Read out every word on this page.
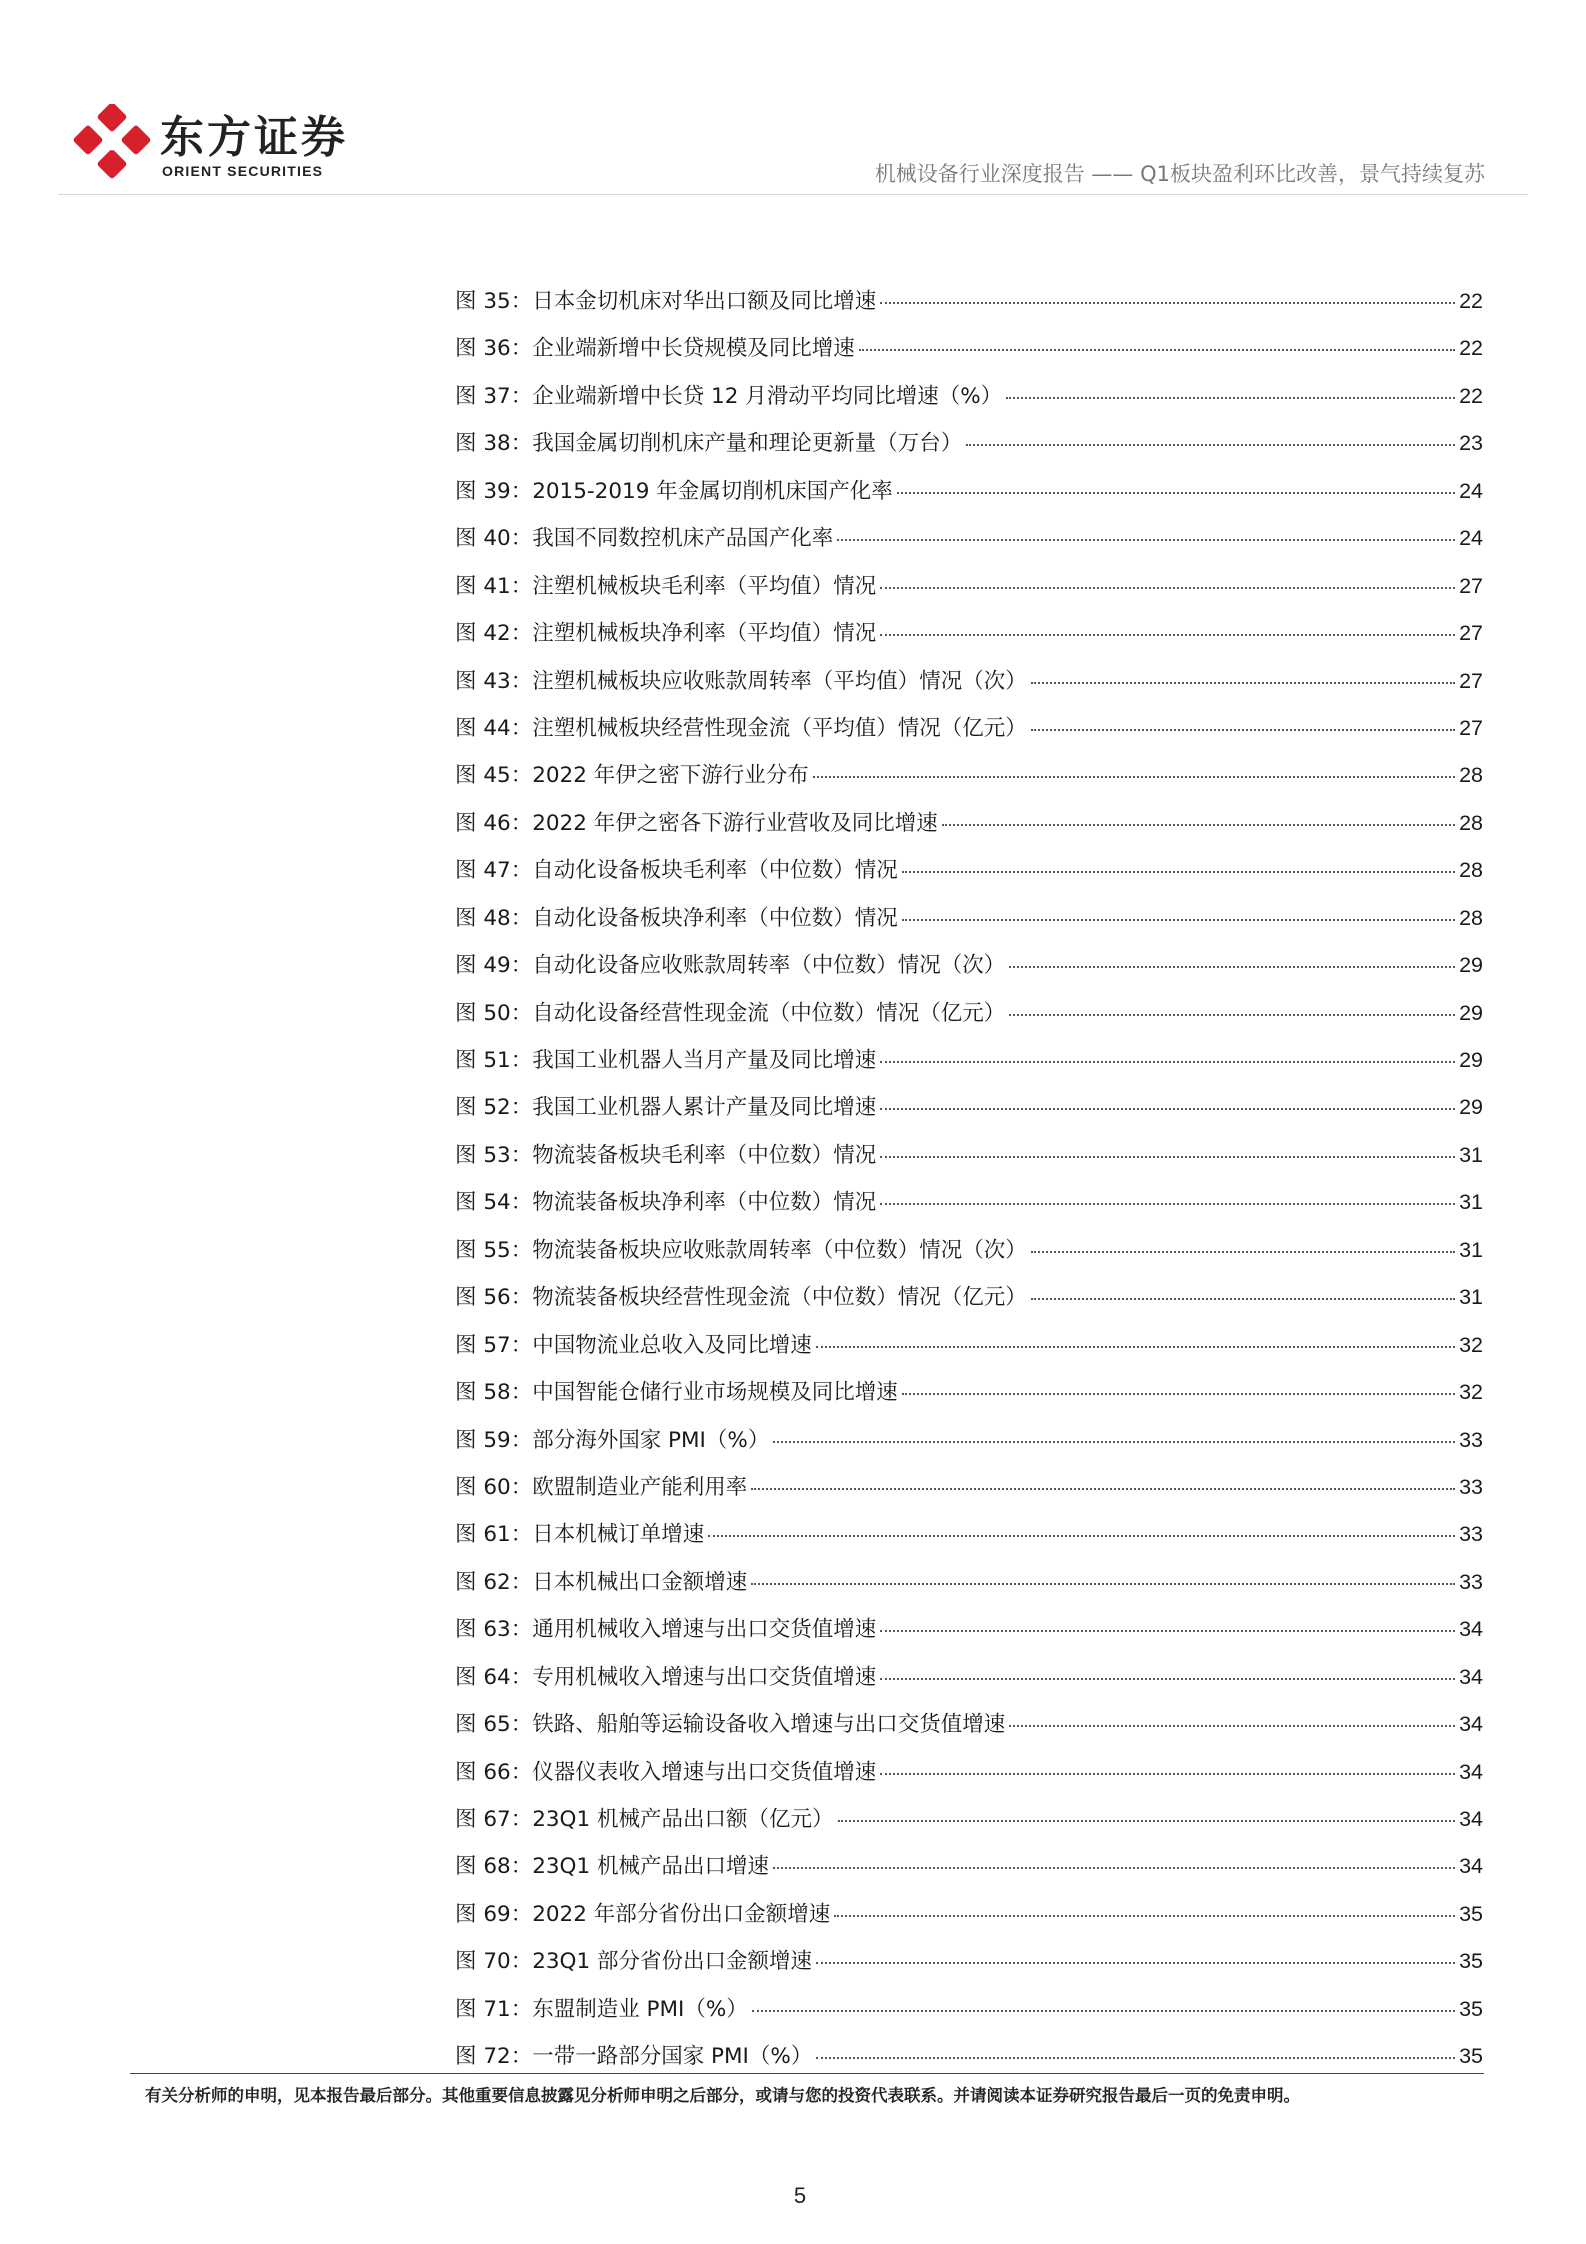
东方证券
ORIENT SECURITIES	机械设备行业深度报告 —— Q1板块盈利环比改善，景气持续复苏
图 35：日本金切机床对华出口额及同比增速	22
图 36：企业端新增中长贷规模及同比增速	22
图 37：企业端新增中长贷 12 月滑动平均同比增速（%）	22
图 38：我国金属切削机床产量和理论更新量（万台）	23
图 39：2015-2019 年金属切削机床国产化率	24
图 40：我国不同数控机床产品国产化率	24
图 41：注塑机械板块毛利率（平均值）情况	27
图 42：注塑机械板块净利率（平均值）情况	27
图 43：注塑机械板块应收账款周转率（平均值）情况（次）	27
图 44：注塑机械板块经营性现金流（平均值）情况（亿元）	27
图 45：2022 年伊之密下游行业分布	28
图 46：2022 年伊之密各下游行业营收及同比增速	28
图 47：自动化设备板块毛利率（中位数）情况	28
图 48：自动化设备板块净利率（中位数）情况	28
图 49：自动化设备应收账款周转率（中位数）情况（次）	29
图 50：自动化设备经营性现金流（中位数）情况（亿元）	29
图 51：我国工业机器人当月产量及同比增速	29
图 52：我国工业机器人累计产量及同比增速	29
图 53：物流装备板块毛利率（中位数）情况	31
图 54：物流装备板块净利率（中位数）情况	31
图 55：物流装备板块应收账款周转率（中位数）情况（次）	31
图 56：物流装备板块经营性现金流（中位数）情况（亿元）	31
图 57：中国物流业总收入及同比增速	32
图 58：中国智能仓储行业市场规模及同比增速	32
图 59：部分海外国家 PMI（%）	33
图 60：欧盟制造业产能利用率	33
图 61：日本机械订单增速	33
图 62：日本机械出口金额增速	33
图 63：通用机械收入增速与出口交货值增速	34
图 64：专用机械收入增速与出口交货值增速	34
图 65：铁路、船舶等运输设备收入增速与出口交货值增速	34
图 66：仪器仪表收入增速与出口交货值增速	34
图 67：23Q1 机械产品出口额（亿元）	34
图 68：23Q1 机械产品出口增速	34
图 69：2022 年部分省份出口金额增速	35
图 70：23Q1 部分省份出口金额增速	35
图 71：东盟制造业 PMI（%）	35
图 72：一带一路部分国家 PMI（%）	35
有关分析师的申明，见本报告最后部分。其他重要信息披露见分析师申明之后部分，或请与您的投资代表联系。并请阅读本证券研究报告最后一页的免责申明。
5
